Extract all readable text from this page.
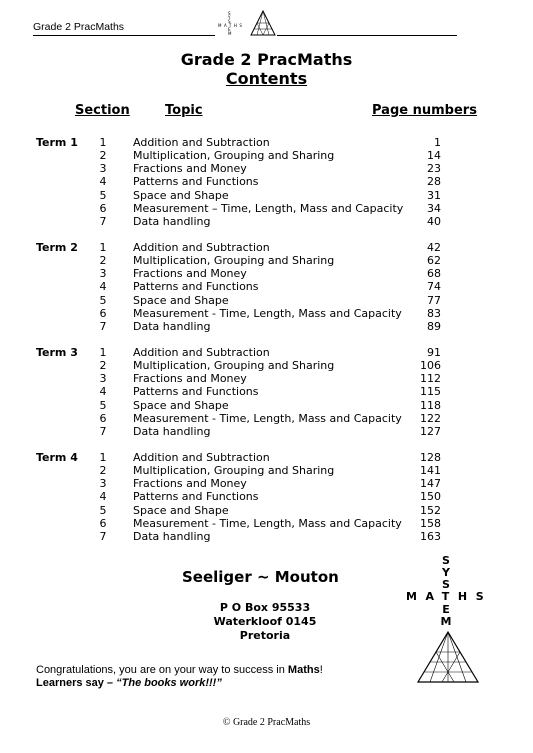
Grade 2 PracMaths
S
Y
S
MATHS
E
M
Grade 2 PracMaths
Contents
Section	Topic	Page numbers
Term 1 1 Addition and Subtraction	1
2 Multiplication, Grouping and Sharing	14
3 Fractions and Money	23
4 Patterns and Functions	28
5 Space and Shape	31
6 Measurement – Time, Length, Mass and Capacity	34
7 Data handling	40
Term 2 1 Addition and Subtraction	42
2 Multiplication, Grouping and Sharing	62
3 Fractions and Money	68
4 Patterns and Functions	74
5 Space and Shape	77
6 Measurement - Time, Length, Mass and Capacity	83
7 Data handling	89
Term 3 1 Addition and Subtraction	91
2 Multiplication, Grouping and Sharing	106
3 Fractions and Money	112
4 Patterns and Functions	115
5 Space and Shape	118
6 Measurement - Time, Length, Mass and Capacity	122
7 Data handling	127
Term 4 1 Addition and Subtraction	128
2 Multiplication, Grouping and Sharing	141
3 Fractions and Money	147
4 Patterns and Functions	150
5 Space and Shape	152
6 Measurement - Time, Length, Mass and Capacity	158
7 Data handling	163
Seeliger ~ Mouton
P O Box 95533
Waterkloof 0145
Pretoria
S
Y
S
MATHS
E
M
Congratulations, you are on your way to success in Maths!
Learners say – “The books work!!!”
© Grade 2 PracMaths
